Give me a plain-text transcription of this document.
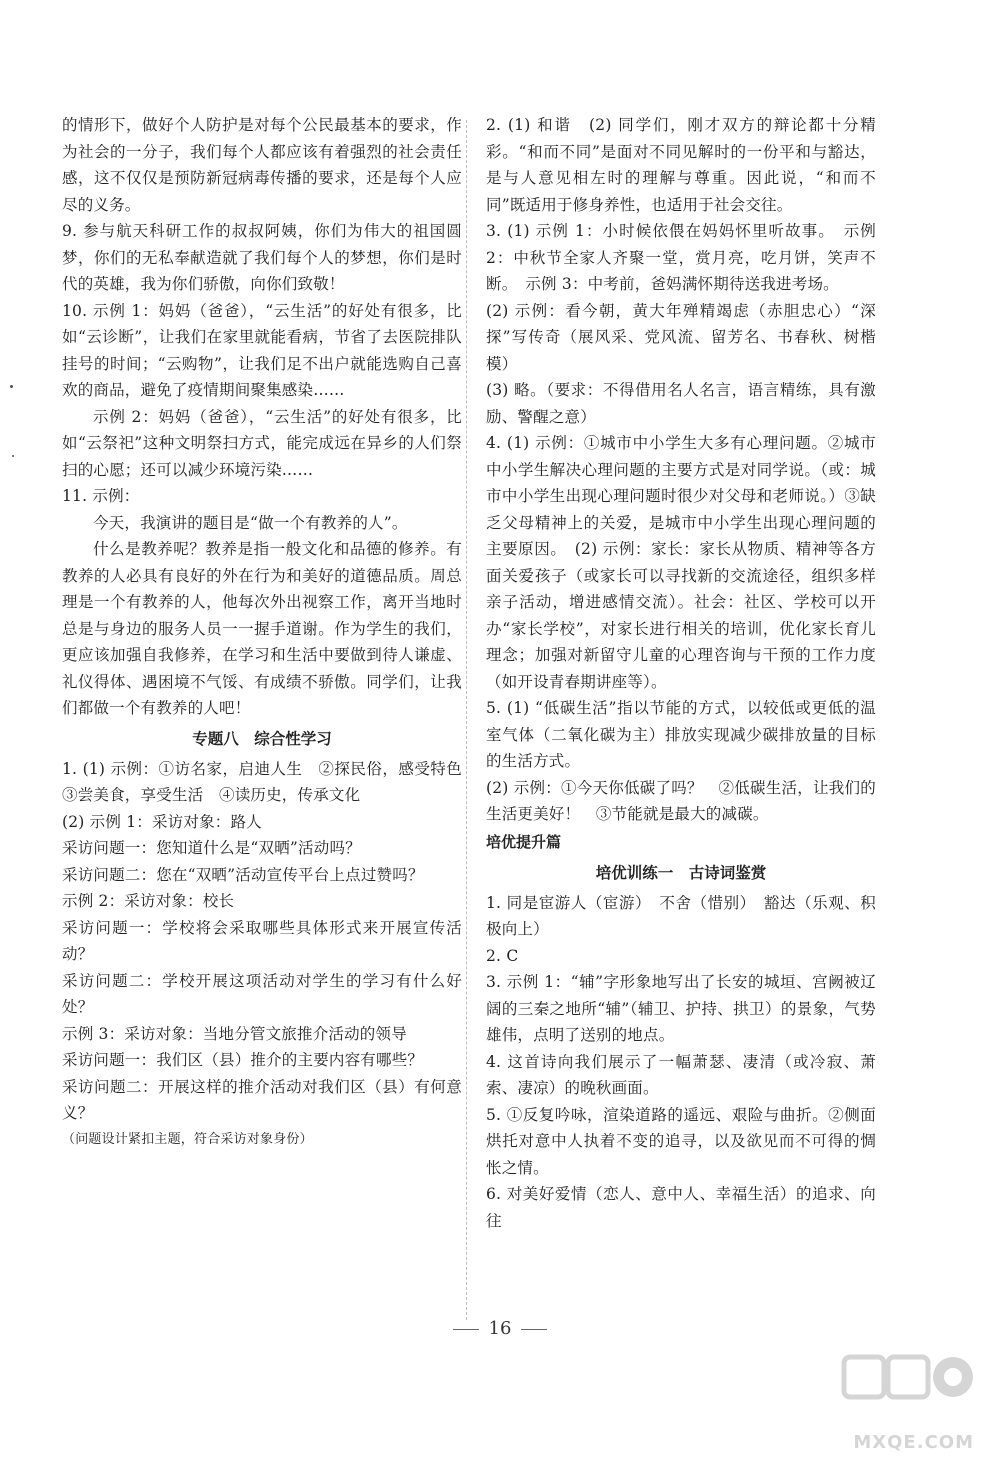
的情形下，做好个人防护是对每个公民最基本的要求，作为社会的一分子，我们每个人都应该有着强烈的社会责任感，这不仅仅是预防新冠病毒传播的要求，还是每个人应尽的义务。

9. 参与航天科研工作的叔叔阿姨，你们为伟大的祖国圆梦，你们的无私奉献造就了我们每个人的梦想，你们是时代的英雄，我为你们骄傲，向你们致敬！

10. 示例 1：妈妈（爸爸），“云生活”的好处有很多，比如“云诊断”，让我们在家里就能看病，节省了去医院排队挂号的时间；“云购物”，让我们足不出户就能选购自己喜欢的商品，避免了疫情期间聚集感染……

示例 2：妈妈（爸爸），“云生活”的好处有很多，比如“云祭祀”这种文明祭扫方式，能完成远在异乡的人们祭扫的心愿；还可以减少环境污染……

11. 示例：

今天，我演讲的题目是“做一个有教养的人”。

什么是教养呢？教养是指一般文化和品德的修养。有教养的人必具有良好的外在行为和美好的道德品质。周总理是一个有教养的人，他每次外出视察工作，离开当地时总是与身边的服务人员一一握手道谢。作为学生的我们，更应该加强自我修养，在学习和生活中要做到待人谦虚、礼仪得体、遇困境不气馁、有成绩不骄傲。同学们，让我们都做一个有教养的人吧！

专题八　综合性学习

1. (1) 示例：①访名家，启迪人生　②探民俗，感受特色　③尝美食，享受生活　④读历史，传承文化

(2) 示例 1：采访对象：路人

采访问题一：您知道什么是“双晒”活动吗？

采访问题二：您在“双晒”活动宣传平台上点过赞吗？

示例 2：采访对象：校长

采访问题一：学校将会采取哪些具体形式来开展宣传活动？

采访问题二：学校开展这项活动对学生的学习有什么好处？

示例 3：采访对象：当地分管文旅推介活动的领导

采访问题一：我们区（县）推介的主要内容有哪些？

采访问题二：开展这样的推介活动对我们区（县）有何意义？

（问题设计紧扣主题，符合采访对象身份）

2. (1) 和谐　(2) 同学们，刚才双方的辩论都十分精彩。“和而不同”是面对不同见解时的一份平和与豁达，是与人意见相左时的理解与尊重。因此说，“和而不同”既适用于修身养性，也适用于社会交往。

3. (1) 示例 1：小时候依偎在妈妈怀里听故事。　示例 2：中秋节全家人齐聚一堂，赏月亮，吃月饼，笑声不断。　示例 3：中考前，爸妈满怀期待送我进考场。

(2) 示例：看今朝，黄大年殚精竭虑（赤胆忠心）“深探”写传奇（展风采、党风流、留芳名、书春秋、树楷模）

(3) 略。（要求：不得借用名人名言，语言精练，具有激励、警醒之意）

4. (1) 示例：①城市中小学生大多有心理问题。②城市中小学生解决心理问题的主要方式是对同学说。（或：城市中小学生出现心理问题时很少对父母和老师说。）③缺乏父母精神上的关爱，是城市中小学生出现心理问题的主要原因。　(2) 示例：家长：家长从物质、精神等各方面关爱孩子（或家长可以寻找新的交流途径，组织多样亲子活动，增进感情交流）。社会：社区、学校可以开办“家长学校”，对家长进行相关的培训，优化家长育儿理念；加强对新留守儿童的心理咨询与干预的工作力度（如开设青春期讲座等）。

5. (1) “低碳生活”指以节能的方式，以较低或更低的温室气体（二氧化碳为主）排放实现减少碳排放量的目标的生活方式。

(2) 示例：①今天你低碳了吗？　②低碳生活，让我们的生活更美好！　③节能就是最大的减碳。

培优提升篇
培优训练一　古诗词鉴赏

1. 同是宦游人（宦游）　不舍（惜别）　豁达（乐观、积极向上）

2. C

3. 示例 1：“辅”字形象地写出了长安的城垣、宫阙被辽阔的三秦之地所“辅”（辅卫、护持、拱卫）的景象，气势雄伟，点明了送别的地点。

4. 这首诗向我们展示了一幅萧瑟、凄清（或冷寂、萧索、凄凉）的晚秋画面。

5. ①反复吟咏，渲染道路的遥远、艰险与曲折。②侧面烘托对意中人执着不变的追寻，以及欲见而不可得的惆怅之情。

6. 对美好爱情（恋人、意中人、幸福生活）的追求、向往

16
MXQE.COM
